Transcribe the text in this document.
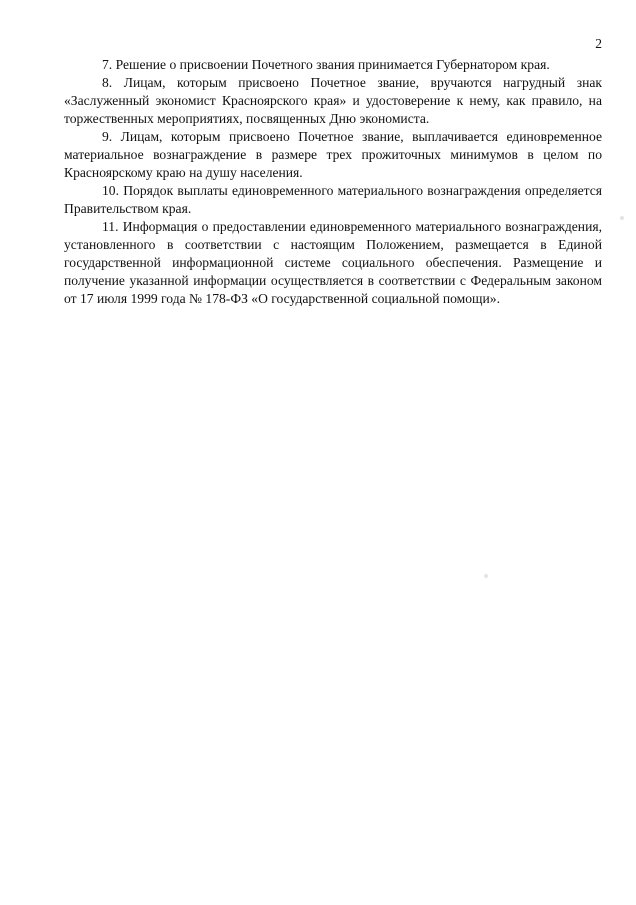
2

7. Решение о присвоении Почетного звания принимается Губернатором края.

8. Лицам, которым присвоено Почетное звание, вручаются нагрудный знак «Заслуженный экономист Красноярского края» и удостоверение к нему, как правило, на торжественных мероприятиях, посвященных Дню экономиста.

9. Лицам, которым присвоено Почетное звание, выплачивается единовременное материальное вознаграждение в размере трех прожиточных минимумов в целом по Красноярскому краю на душу населения.

10. Порядок выплаты единовременного материального вознаграждения определяется Правительством края.

11. Информация о предоставлении единовременного материального вознаграждения, установленного в соответствии с настоящим Положением, размещается в Единой государственной информационной системе социального обеспечения. Размещение и получение указанной информации осуществляется в соответствии с Федеральным законом от 17 июля 1999 года № 178-ФЗ «О государственной социальной помощи».
